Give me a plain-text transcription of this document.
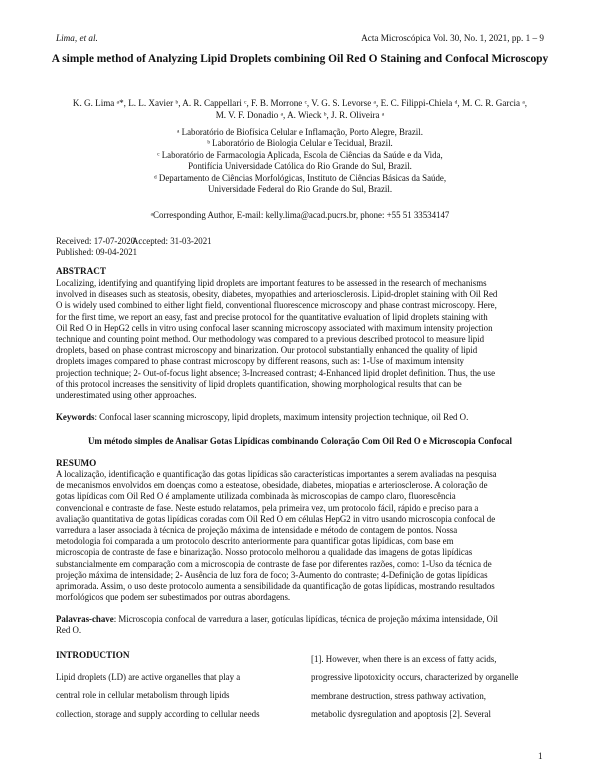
Lima, et al.	Acta Microscópica Vol. 30, No. 1, 2021, pp. 1 – 9
A simple method of Analyzing Lipid Droplets combining Oil Red O Staining and Confocal Microscopy
K. G. Lima ᵃ*, L. L. Xavier ᵇ, A. R. Cappellari ᶜ, F. B. Morrone ᶜ, V. G. S. Levorse ᵃ, E. C. Filippi-Chiela ᵈ, M. C. R. Garcia ᵃ,
M. V. F. Donadio ᵃ, A. Wieck ᵇ, J. R. Oliveira ᵃ
ᵃ Laboratório de Biofísica Celular e Inflamação, Porto Alegre, Brazil.
ᵇ Laboratório de Biologia Celular e Tecidual, Brazil.
ᶜ Laboratório de Farmacologia Aplicada, Escola de Ciências da Saúde e da Vida,
Pontifícia Universidade Católica do Rio Grande do Sul, Brazil.
ᵈ Departamento de Ciências Morfológicas, Instituto de Ciências Básicas da Saúde,
Universidade Federal do Rio Grande do Sul, Brazil.
ᵃCorresponding Author, E-mail: kelly.lima@acad.pucrs.br, phone: +55 51 33534147
Received: 17-07-2020
Accepted: 31-03-2021
Published: 09-04-2021
ABSTRACT
Localizing, identifying and quantifying lipid droplets are important features to be assessed in the research of mechanisms
involved in diseases such as steatosis, obesity, diabetes, myopathies and arteriosclerosis. Lipid-droplet staining with Oil Red
O is widely used combined to either light field, conventional fluorescence microscopy and phase contrast microscopy. Here,
for the first time, we report an easy, fast and precise protocol for the quantitative evaluation of lipid droplets staining with
Oil Red O in HepG2 cells in vitro using confocal laser scanning microscopy associated with maximum intensity projection
technique and counting point method. Our methodology was compared to a previous described protocol to measure lipid
droplets, based on phase contrast microscopy and binarization. Our protocol substantially enhanced the quality of lipid
droplets images compared to phase contrast microscopy by different reasons, such as: 1-Use of maximum intensity
projection technique; 2- Out-of-focus light absence; 3-Increased contrast; 4-Enhanced lipid droplet definition. Thus, the use
of this protocol increases the sensitivity of lipid droplets quantification, showing morphological results that can be
underestimated using other approaches.
Keywords: Confocal laser scanning microscopy, lipid droplets, maximum intensity projection technique, oil Red O.
Um método simples de Analisar Gotas Lipídicas combinando Coloração Com Oil Red O e Microscopia Confocal
RESUMO
A localização, identificação e quantificação das gotas lipídicas são características importantes a serem avaliadas na pesquisa
de mecanismos envolvidos em doenças como a esteatose, obesidade, diabetes, miopatias e arteriosclerose. A coloração de
gotas lipídicas com Oil Red O é amplamente utilizada combinada às microscopias de campo claro, fluorescência
convencional e contraste de fase. Neste estudo relatamos, pela primeira vez, um protocolo fácil, rápido e preciso para a
avaliação quantitativa de gotas lipídicas coradas com Oil Red O em células HepG2 in vitro usando microscopia confocal de
varredura a laser associada à técnica de projeção máxima de intensidade e método de contagem de pontos. Nossa
metodologia foi comparada a um protocolo descrito anteriormente para quantificar gotas lipídicas, com base em
microscopia de contraste de fase e binarização. Nosso protocolo melhorou a qualidade das imagens de gotas lipídicas
substancialmente em comparação com a microscopia de contraste de fase por diferentes razões, como: 1-Uso da técnica de
projeção máxima de intensidade; 2- Ausência de luz fora de foco; 3-Aumento do contraste; 4-Definição de gotas lipídicas
aprimorada. Assim, o uso deste protocolo aumenta a sensibilidade da quantificação de gotas lipídicas, mostrando resultados
morfológicos que podem ser subestimados por outras abordagens.
Palavras-chave: Microscopia confocal de varredura a laser, gotículas lipídicas, técnica de projeção máxima intensidade, Oil
Red O.
INTRODUCTION
Lipid droplets (LD) are active organelles that play a
central role in cellular metabolism through lipids
collection, storage and supply according to cellular needs
[1]. However, when there is an excess of fatty acids,
progressive lipotoxicity occurs, characterized by organelle
membrane destruction, stress pathway activation,
metabolic dysregulation and apoptosis [2]. Several
1
